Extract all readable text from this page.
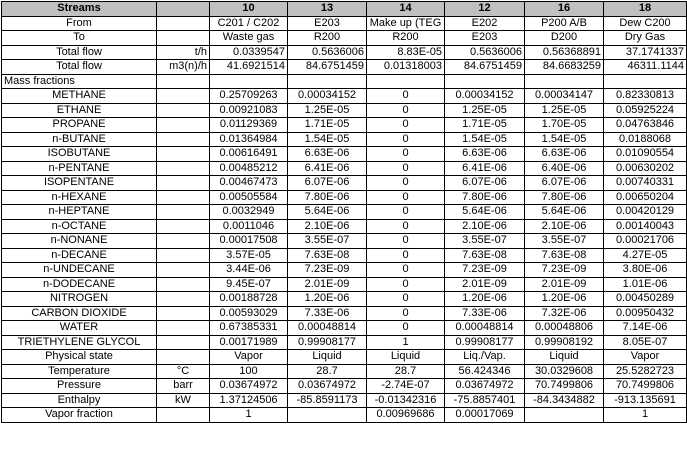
Streams		10	13	14	12	16	18
From		C201 / C202	E203	Make up (TEG	E202	P200 A/B	Dew C200
To		Waste gas	R200	R200	E203	D200	Dry Gas
Total flow	t/h	0.0339547	0.5636006	8.83E-05	0.5636006	0.56368891	37.1741337
Total flow	m3(n)/h	41.6921514	84.6751459	0.01318003	84.6751459	84.6683259	46311.1144
Mass fractions							
METHANE		0.25709263	0.00034152	0	0.00034152	0.00034147	0.82330813
ETHANE		0.00921083	1.25E-05	0	1.25E-05	1.25E-05	0.05925224
PROPANE		0.01129369	1.71E-05	0	1.71E-05	1.70E-05	0.04763846
n-BUTANE		0.01364984	1.54E-05	0	1.54E-05	1.54E-05	0.0188068
ISOBUTANE		0.00616491	6.63E-06	0	6.63E-06	6.63E-06	0.01090554
n-PENTANE		0.00485212	6.41E-06	0	6.41E-06	6.40E-06	0.00630202
ISOPENTANE		0.00467473	6.07E-06	0	6.07E-06	6.07E-06	0.00740331
n-HEXANE		0.00505584	7.80E-06	0	7.80E-06	7.80E-06	0.00650204
n-HEPTANE		0.0032949	5.64E-06	0	5.64E-06	5.64E-06	0.00420129
n-OCTANE		0.0011046	2.10E-06	0	2.10E-06	2.10E-06	0.00140043
n-NONANE		0.00017508	3.55E-07	0	3.55E-07	3.55E-07	0.00021706
n-DECANE		3.57E-05	7.63E-08	0	7.63E-08	7.63E-08	4.27E-05
n-UNDECANE		3.44E-06	7.23E-09	0	7.23E-09	7.23E-09	3.80E-06
n-DODECANE		9.45E-07	2.01E-09	0	2.01E-09	2.01E-09	1.01E-06
NITROGEN		0.00188728	1.20E-06	0	1.20E-06	1.20E-06	0.00450289
CARBON DIOXIDE		0.00593029	7.33E-06	0	7.33E-06	7.32E-06	0.00950432
WATER		0.67385331	0.00048814	0	0.00048814	0.00048806	7.14E-06
TRIETHYLENE GLYCOL		0.00171989	0.99908177	1	0.99908177	0.99908192	8.05E-07
Physical state		Vapor	Liquid	Liquid	Liq./Vap.	Liquid	Vapor
Temperature	°C	100	28.7	28.7	56.424346	30.0329608	25.5282723
Pressure	barr	0.03674972	0.03674972	-2.74E-07	0.03674972	70.7499806	70.7499806
Enthalpy	kW	1.37124506	-85.8591173	-0.01342316	-75.8857401	-84.3434882	-913.135691
Vapor fraction		1		0.00969686	0.00017069		1
